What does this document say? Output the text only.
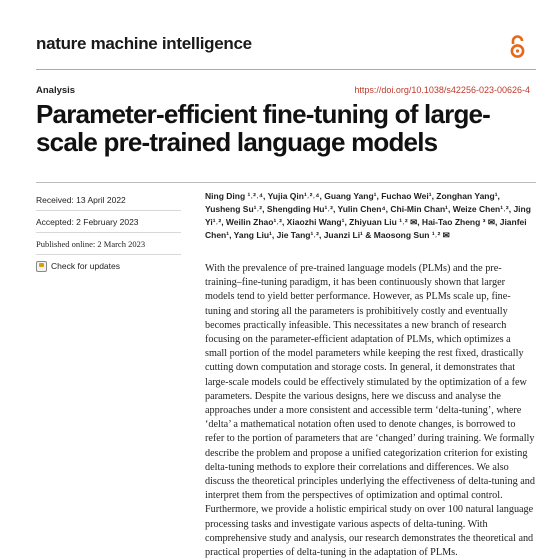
nature machine intelligence
Analysis	https://doi.org/10.1038/s42256-023-00626-4
Parameter-efficient fine-tuning of large-scale pre-trained language models
Received: 13 April 2022
Accepted: 2 February 2023
Published online: 2 March 2023
Check for updates
Ning Ding ¹˒²˒⁴, Yujia Qin¹˒²˒⁴, Guang Yang¹, Fuchao Wei¹, Zonghan Yang¹, Yusheng Su¹˒², Shengding Hu¹˒², Yulin Chen⁴, Chi-Min Chan¹, Weize Chen¹˒², Jing Yi¹˒², Weilin Zhao¹˒², Xiaozhi Wang¹, Zhiyuan Liu ¹˒² ✉, Hai-Tao Zheng ³ ✉, Jianfei Chen¹, Yang Liu¹, Jie Tang¹˒², Juanzi Li¹ & Maosong Sun ¹˒² ✉

With the prevalence of pre-trained language models (PLMs) and the pre-training–fine-tuning paradigm, it has been continuously shown that larger models tend to yield better performance. However, as PLMs scale up, fine-tuning and storing all the parameters is prohibitively costly and eventually becomes practically infeasible. This necessitates a new branch of research focusing on the parameter-efficient adaptation of PLMs, which optimizes a small portion of the model parameters while keeping the rest fixed, drastically cutting down computation and storage costs. In general, it demonstrates that large-scale models could be effectively stimulated by the optimization of a few parameters. Despite the various designs, here we discuss and analyse the approaches under a more consistent and accessible term ‘delta-tuning’, where ‘delta’ a mathematical notation often used to denote changes, is borrowed to refer to the portion of parameters that are ‘changed’ during training. We formally describe the problem and propose a unified categorization criterion for existing delta-tuning methods to explore their correlations and differences. We also discuss the theoretical principles underlying the effectiveness of delta-tuning and interpret them from the perspectives of optimization and optimal control. Furthermore, we provide a holistic empirical study on over 100 natural language processing tasks and investigate various aspects of delta-tuning. With comprehensive study and analysis, our research demonstrates the theoretical and practical properties of delta-tuning in the adaptation of PLMs.
